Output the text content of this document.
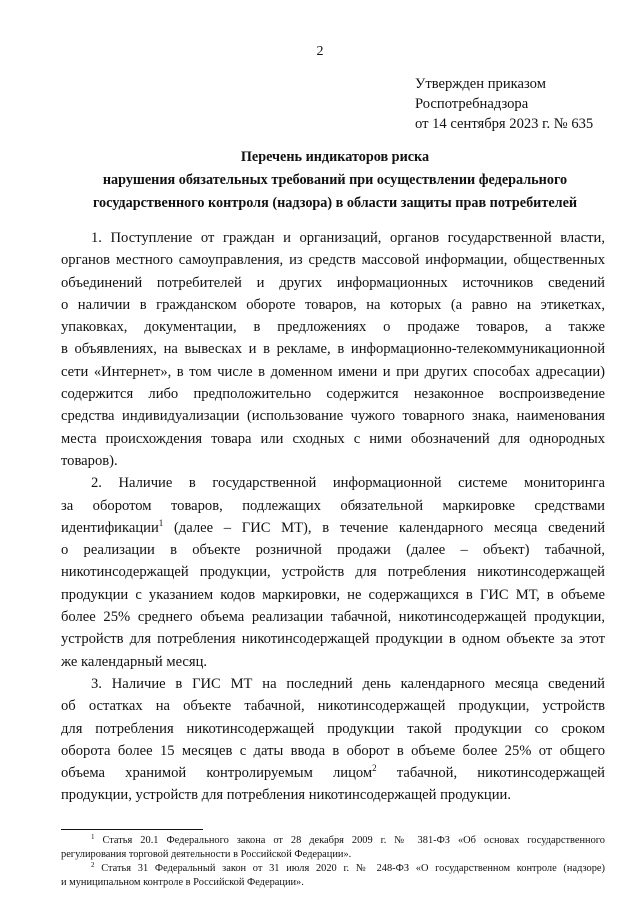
2
Утвержден приказом
Роспотребнадзора
от 14 сентября 2023 г. № 635
Перечень индикаторов риска
нарушения обязательных требований при осуществлении федерального
государственного контроля (надзора) в области защиты прав потребителей
1. Поступление от граждан и организаций, органов государственной власти,
органов местного самоуправления, из средств массовой информации, общественных
объединений потребителей и других информационных источников сведений
о наличии в гражданском обороте товаров, на которых (а равно на этикетках,
упаковках, документации, в предложениях о продаже товаров, а также
в объявлениях, на вывесках и в рекламе, в информационно-телекоммуникационной
сети «Интернет», в том числе в доменном имени и при других способах адресации)
содержится либо предположительно содержится незаконное воспроизведение
средства индивидуализации (использование чужого товарного знака, наименования
места происхождения товара или сходных с ними обозначений для однородных
товаров).
2. Наличие в государственной информационной системе мониторинга
за оборотом товаров, подлежащих обязательной маркировке средствами
идентификации$^1$ (далее – ГИС МТ), в течение календарного месяца сведений
о реализации в объекте розничной продажи (далее – объект) табачной,
никотинсодержащей продукции, устройств для потребления никотинсодержащей
продукции с указанием кодов маркировки, не содержащихся в ГИС МТ, в объеме
более 25% среднего объема реализации табачной, никотинсодержащей продукции,
устройств для потребления никотинсодержащей продукции в одном объекте за этот
же календарный месяц.
3. Наличие в ГИС МТ на последний день календарного месяца сведений
об остатках на объекте табачной, никотинсодержащей продукции, устройств
для потребления никотинсодержащей продукции такой продукции со сроком
оборота более 15 месяцев с даты ввода в оборот в объеме более 25% от общего
объема хранимой контролируемым лицом$^2$ табачной, никотинсодержащей
продукции, устройств для потребления никотинсодержащей продукции.
$^1$ Статья 20.1 Федерального закона от 28 декабря 2009 г. № 381-ФЗ «Об основах государственного
регулирования торговой деятельности в Российской Федерации».
$^2$ Статья 31 Федеральный закон от 31 июля 2020 г. № 248-ФЗ «О государственном контроле (надзоре)
и муниципальном контроле в Российской Федерации».
